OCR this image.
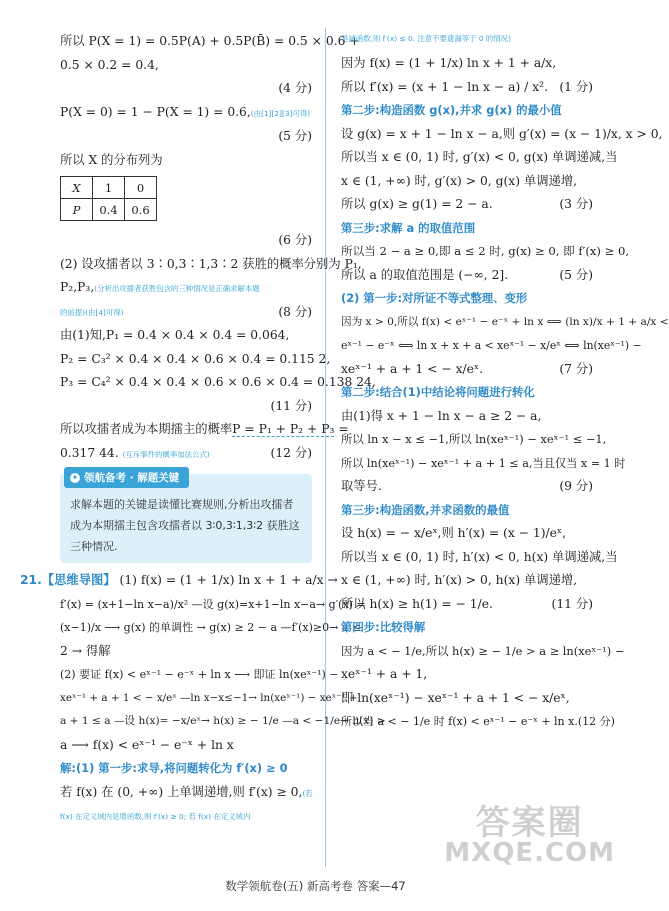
所以 P(X = 1) = 0.5P(A) + 0.5P(B̄) = 0.5 × 0.6 +
0.5 × 0.2 = 0.4,
(4 分)
P(X = 0) = 1 − P(X = 1) = 0.6,(由[1][2][3]可得)
(5 分)
所以 X 的分布列为
X	1	0
P	0.4	0.6
(6 分)
(2) 设攻擂者以 3∶0,3∶1,3∶2 获胜的概率分别为 P₁,
P₂,P₃,(分析出攻擂者获胜包含的三种情况是正确求解本题
的前提)(由[4]可得)	(8 分)
由(1)知,P₁ = 0.4 × 0.4 × 0.4 = 0.064,
P₂ = C₃² × 0.4 × 0.4 × 0.6 × 0.4 = 0.115 2,
P₃ = C₄² × 0.4 × 0.4 × 0.6 × 0.6 × 0.4 = 0.138 24,
(11 分)
所以攻擂者成为本期擂主的概率P = P₁ + P₂ + P₃ =
0.317 44. (互斥事件的概率加法公式)	(12 分)
✦ 领航备考 · 解题关键
求解本题的关键是读懂比赛规则,分析出攻擂者
成为本期擂主包含攻擂者以 3∶0,3∶1,3∶2 获胜这
三种情况.
21.【思维导图】 (1) f(x) = (1 + 1/x) ln x + 1 + a/x →
f′(x) = (x+1−ln x−a)/x² —设 g(x)=x+1−ln x−a→ g′(x) =
(x−1)/x ⟶ g(x) 的单调性 → g(x) ≥ 2 − a —f′(x)≥0→ a ≤
2 → 得解
(2) 要证 f(x) < eˣ⁻¹ − e⁻ˣ + ln x ⟶ 即证 ln(xeˣ⁻¹) −
xeˣ⁻¹ + a + 1 < − x/eˣ —ln x−x≤−1→ ln(xeˣ⁻¹) − xeˣ⁻¹ +
a + 1 ≤ a —设 h(x)= −x/eˣ→ h(x) ≥ − 1/e —a < −1/e→ h(x) >
a ⟶ f(x) < eˣ⁻¹ − e⁻ˣ + ln x
解:(1) 第一步:求导,将问题转化为 f′(x) ≥ 0
若 f(x) 在 (0, +∞) 上单调递增,则 f′(x) ≥ 0,(若
f(x) 在定义域内是增函数,则 f′(x) ≥ 0; 若 f(x) 在定义域内
是减函数,则 f′(x) ≤ 0. 注意不要遗漏等于 0 的情况)
因为 f(x) = (1 + 1/x) ln x + 1 + a/x,
所以 f′(x) = (x + 1 − ln x − a) / x². (1 分)
第二步:构造函数 g(x),并求 g(x) 的最小值
设 g(x) = x + 1 − ln x − a,则 g′(x) = (x − 1)/x, x > 0,
所以当 x ∈ (0, 1) 时, g′(x) < 0, g(x) 单调递减,当
x ∈ (1, +∞) 时, g′(x) > 0, g(x) 单调递增,
所以 g(x) ≥ g(1) = 2 − a.	(3 分)
第三步:求解 a 的取值范围
所以当 2 − a ≥ 0,即 a ≤ 2 时, g(x) ≥ 0, 即 f′(x) ≥ 0,
所以 a 的取值范围是 (−∞, 2].	(5 分)
(2) 第一步:对所证不等式整理、变形
因为 x > 0,所以 f(x) < eˣ⁻¹ − e⁻ˣ + ln x ⟺ (ln x)/x + 1 + a/x <
eˣ⁻¹ − e⁻ˣ ⟺ ln x + x + a < xeˣ⁻¹ − x/eˣ ⟺ ln(xeˣ⁻¹) −
xeˣ⁻¹ + a + 1 < − x/eˣ.	(7 分)
第二步:结合(1)中结论将问题进行转化
由(1)得 x + 1 − ln x − a ≥ 2 − a,
所以 ln x − x ≤ −1,所以 ln(xeˣ⁻¹) − xeˣ⁻¹ ≤ −1,
所以 ln(xeˣ⁻¹) − xeˣ⁻¹ + a + 1 ≤ a,当且仅当 x = 1 时
取等号.	(9 分)
第三步:构造函数,并求函数的最值
设 h(x) = − x/eˣ,则 h′(x) = (x − 1)/eˣ,
所以当 x ∈ (0, 1) 时, h′(x) < 0, h(x) 单调递减,当
x ∈ (1, +∞) 时, h′(x) > 0, h(x) 单调递增,
所以 h(x) ≥ h(1) = − 1/e.	(11 分)
第四步:比较得解
因为 a < − 1/e,所以 h(x) ≥ − 1/e > a ≥ ln(xeˣ⁻¹) −
xeˣ⁻¹ + a + 1,
即 ln(xeˣ⁻¹) − xeˣ⁻¹ + a + 1 < − x/eˣ,
所以当 a < − 1/e 时 f(x) < eˣ⁻¹ − e⁻ˣ + ln x. (12 分)
数学领航卷(五) 新高考卷 答案—47
答案圈
MXQE.COM
